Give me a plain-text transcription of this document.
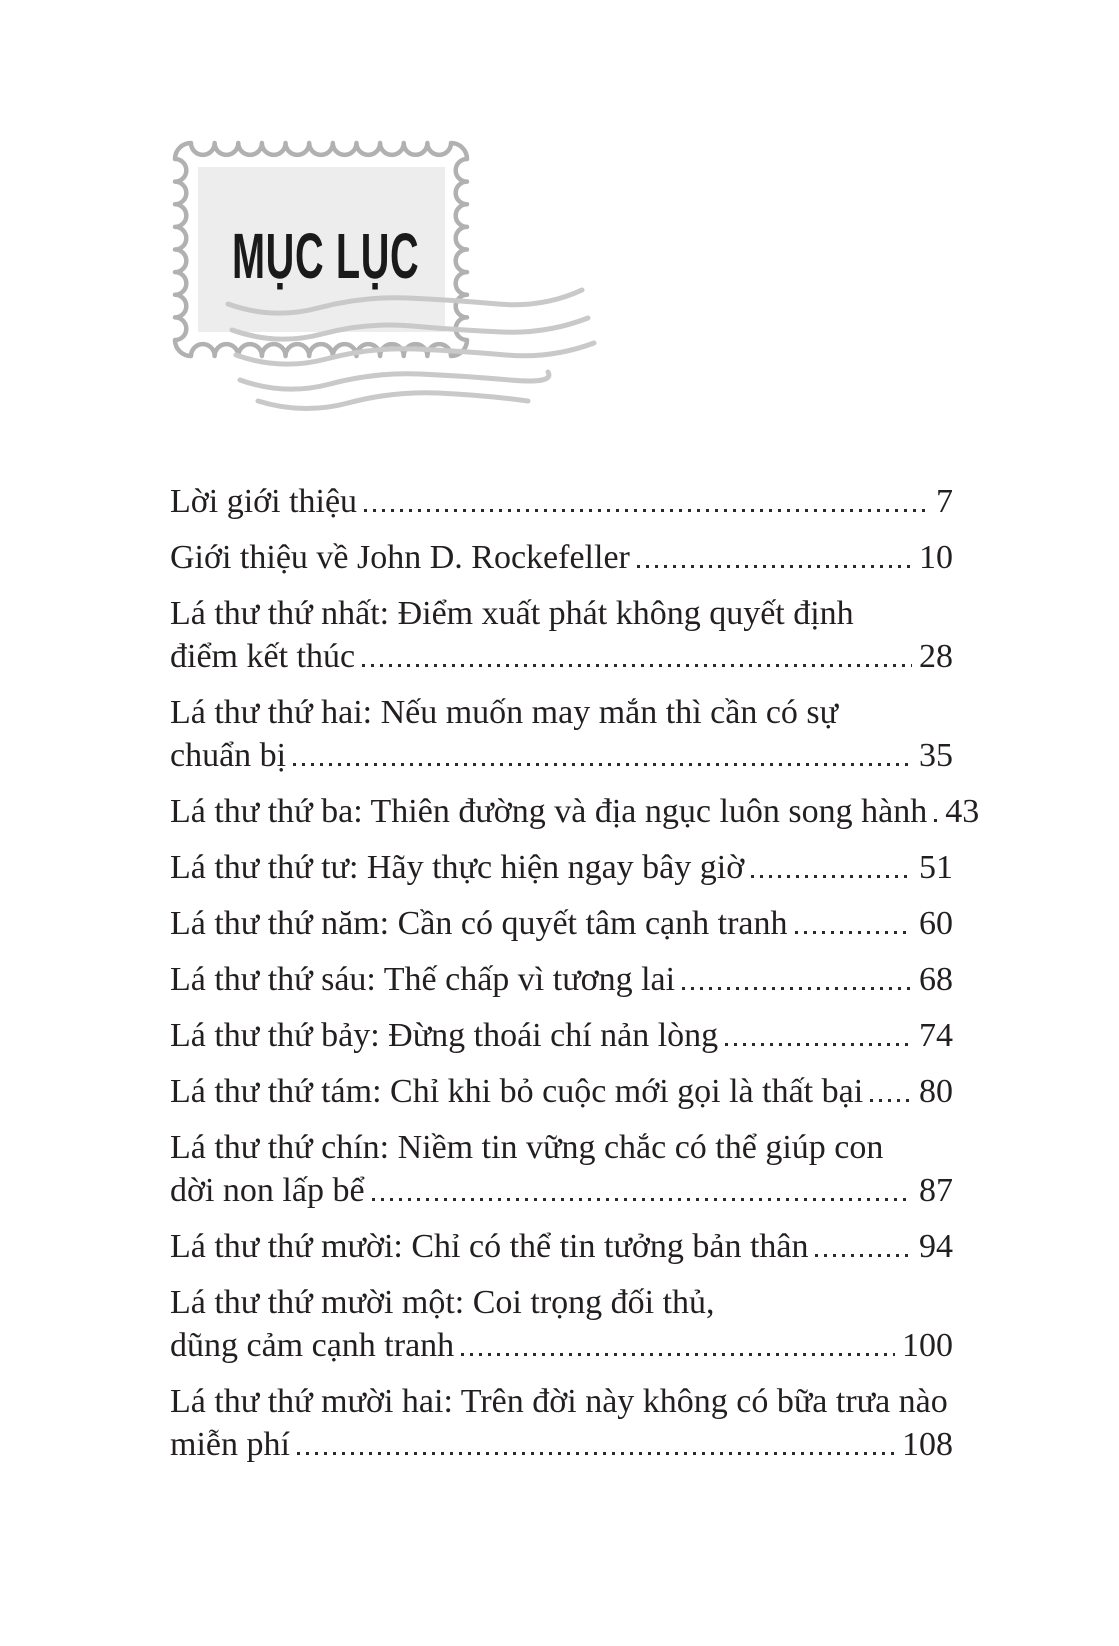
MỤC LỤC
Lời giới thiệu	7
Giới thiệu về John D. Rockefeller	10
Lá thư thứ nhất: Điểm xuất phát không quyết định
điểm kết thúc	28
Lá thư thứ hai: Nếu muốn may mắn thì cần có sự
chuẩn bị	35
Lá thư thứ ba: Thiên đường và địa ngục luôn song hành 43
Lá thư thứ tư: Hãy thực hiện ngay bây giờ	51
Lá thư thứ năm: Cần có quyết tâm cạnh tranh	60
Lá thư thứ sáu: Thế chấp vì tương lai	68
Lá thư thứ bảy: Đừng thoái chí nản lòng	74
Lá thư thứ tám: Chỉ khi bỏ cuộc mới gọi là thất bại 80
Lá thư thứ chín: Niềm tin vững chắc có thể giúp con
dời non lấp bể	87
Lá thư thứ mười: Chỉ có thể tin tưởng bản thân	94
Lá thư thứ mười một: Coi trọng đối thủ,
dũng cảm cạnh tranh	100
Lá thư thứ mười hai: Trên đời này không có bữa trưa nào
miễn phí	108
